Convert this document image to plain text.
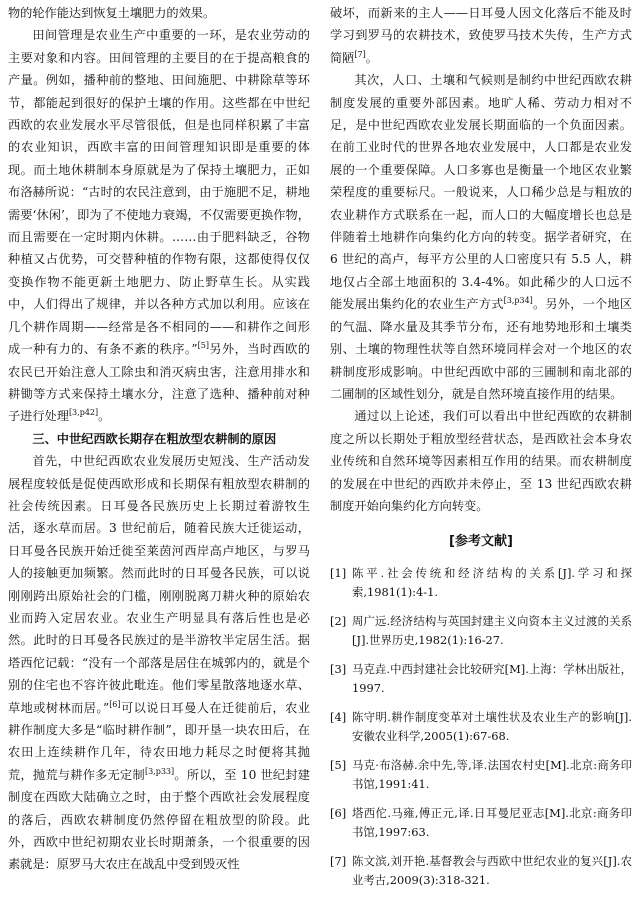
物的轮作能达到恢复土壤肥力的效果。

田间管理是农业生产中重要的一环，是农业劳动的主要对象和内容。田间管理的主要目的在于提高粮食的产量。例如，播种前的整地、田间施肥、中耕除草等环节，都能起到很好的保护土壤的作用。这些都在中世纪西欧的农业发展水平尽管很低，但是也同样积累了丰富的农业知识，西欧丰富的田间管理知识即是重要的体现。而土地休耕制本身原就是为了保持土壤肥力，正如布洛赫所说：“古时的农民注意到，由于施肥不足，耕地需要‘休闲’，即为了不使地力衰竭，不仅需要更换作物，而且需要在一定时期内休耕。……由于肥料缺乏，谷物种植又占优势，可交替种植的作物有限，这都使得仅仅变换作物不能更新土地肥力、防止野草生长。从实践中，人们得出了规律，并以各种方式加以利用。应该在几个耕作周期——经常是各不相同的——和耕作之间形成一种有力的、有条不紊的秩序。”[5]另外，当时西欧的农民已开始注意人工除虫和消灭病虫害，注意用排水和耕锄等方式来保持土壤水分，注意了选种、播种前对种子进行处理[3,p42]。

三、中世纪西欧长期存在粗放型农耕制的原因

首先，中世纪西欧农业发展历史短浅、生产活动发展程度较低是促使西欧形成和长期保有粗放型农耕制的社会传统因素。日耳曼各民族历史上长期过着游牧生活，逐水草而居。3 世纪前后，随着民族大迁徙运动，日耳曼各民族开始迁徙至莱茵河西岸高卢地区，与罗马人的接触更加频繁。然而此时的日耳曼各民族，可以说刚刚跨出原始社会的门槛，刚刚脱离刀耕火种的原始农业而跨入定居农业。农业生产明显具有落后性也是必然。此时的日耳曼各民族过的是半游牧半定居生活。据塔西佗记载：“没有一个部落是居住在城郭内的，就是个别的住宅也不容许彼此毗连。他们零星散落地逐水草、草地或树林而居。”[6]可以说日耳曼人在迁徙前后，农业耕作制度大多是“临时耕作制”，即开垦一块农田后，在农田上连续耕作几年，待农田地力耗尽之时便将其抛荒，抛荒与耕作多无定制[3,p33]。所以，至 10 世纪封建制度在西欧大陆确立之时，由于整个西欧社会发展程度的落后，西欧农耕制度仍然停留在粗放型的阶段。此外，西欧中世纪初期农业长时期萧条，一个很重要的因素就是：原罗马大农庄在战乱中受到毁灭性

破坏，而新来的主人——日耳曼人因文化落后不能及时学习到罗马的农耕技术，致使罗马技术失传，生产方式简陋[7]。

其次，人口、土壤和气候则是制约中世纪西欧农耕制度发展的重要外部因素。地旷人稀、劳动力相对不足，是中世纪西欧农业发展长期面临的一个负面因素。在前工业时代的世界各地农业发展中，人口都是农业发展的一个重要保障。人口多寡也是衡量一个地区农业繁荣程度的重要标尺。一般说来，人口稀少总是与粗放的农业耕作方式联系在一起，而人口的大幅度增长也总是伴随着土地耕作向集约化方向的转变。据学者研究，在 6 世纪的高卢，每平方公里的人口密度只有 5.5 人，耕地仅占全部土地面积的 3.4-4%。如此稀少的人口远不能发展出集约化的农业生产方式[3,p34]。另外，一个地区的气温、降水量及其季节分布，还有地势地形和土壤类别、土壤的物理性状等自然环境同样会对一个地区的农耕制度形成影响。中世纪西欧中部的三圃制和南北部的二圃制的区域性划分，就是自然环境直接作用的结果。

通过以上论述，我们可以看出中世纪西欧的农耕制度之所以长期处于粗放型经营状态，是西欧社会本身农业传统和自然环境等因素相互作用的结果。而农耕制度的发展在中世纪的西欧并未停止，至 13 世纪西欧农耕制度开始向集约化方向转变。

[参考文献]
[1] 陈平.社会传统和经济结构的关系[J].学习和探索,1981(1):4-1.
[2] 周广远.经济结构与英国封建主义向资本主义过渡的关系[J].世界历史,1982(1):16-27.
[3] 马克垚.中西封建社会比较研究[M].上海：学林出版社，1997.
[4] 陈守明.耕作制度变革对土壤性状及农业生产的影响[J].安徽农业科学,2005(1):67-68.
[5] 马克·布洛赫.余中先,等,译.法国农村史[M].北京:商务印书馆,1991:41.
[6] 塔西佗.马雍,傅正元,译.日耳曼尼亚志[M].北京:商务印书馆,1997:63.
[7] 陈文滨,刘开艳.基督教会与西欧中世纪农业的复兴[J].农业考古,2009(3):318-321.
